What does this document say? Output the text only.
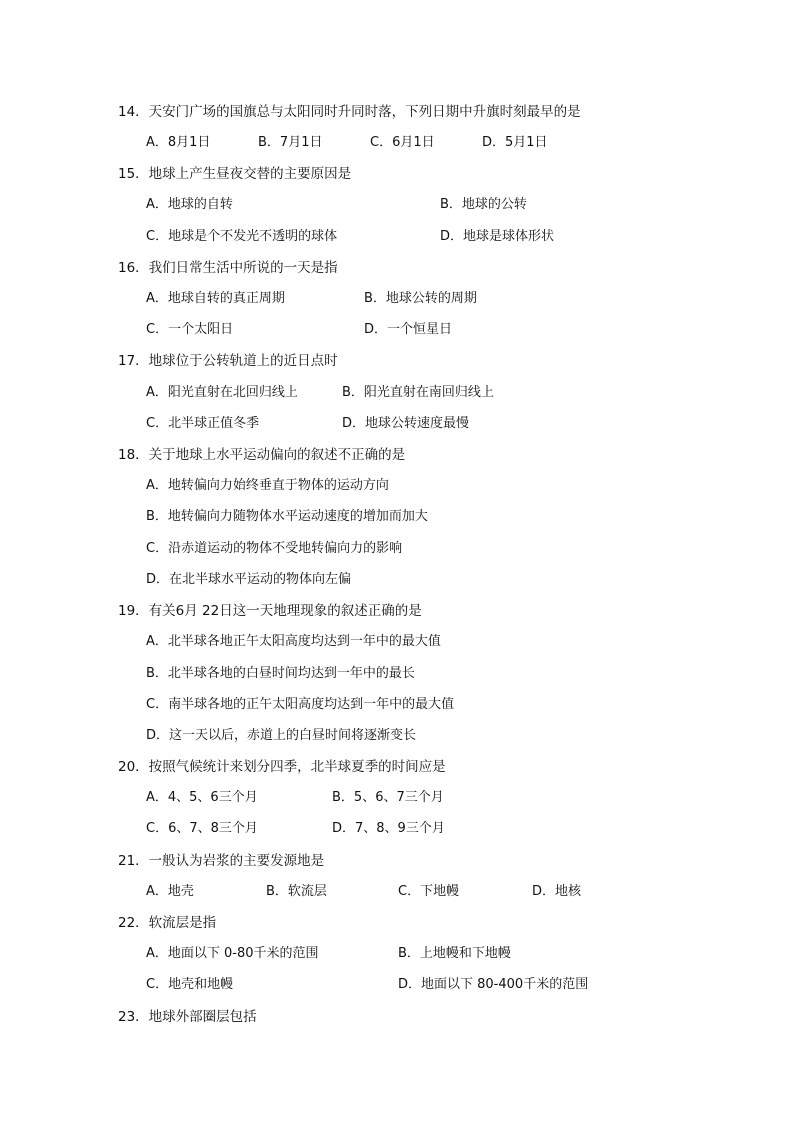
14．天安门广场的国旗总与太阳同时升同时落，下列日期中升旗时刻最早的是
A．8月1日	B．7月1日	C．6月1日	D．5月1日
15．地球上产生昼夜交替的主要原因是
A．地球的自转	B．地球的公转
C．地球是个不发光不透明的球体	D．地球是球体形状
16．我们日常生活中所说的一天是指
A．地球自转的真正周期	B．地球公转的周期
C．一个太阳日	D．一个恒星日
17．地球位于公转轨道上的近日点时
A．阳光直射在北回归线上	B．阳光直射在南回归线上
C．北半球正值冬季	D．地球公转速度最慢
18．关于地球上水平运动偏向的叙述不正确的是
A．地转偏向力始终垂直于物体的运动方向
B．地转偏向力随物体水平运动速度的增加而加大
C．沿赤道运动的物体不受地转偏向力的影响
D．在北半球水平运动的物体向左偏
19．有关6月 22日这一天地理现象的叙述正确的是
A．北半球各地正午太阳高度均达到一年中的最大值
B．北半球各地的白昼时间均达到一年中的最长
C．南半球各地的正午太阳高度均达到一年中的最大值
D．这一天以后，赤道上的白昼时间将逐渐变长
20．按照气候统计来划分四季，北半球夏季的时间应是
A．4、5、6三个月	B．5、6、7三个月
C．6、7、8三个月	D．7、8、9三个月
21．一般认为岩浆的主要发源地是
A．地壳	B．软流层	C．下地幔	D．地核
22．软流层是指
A．地面以下 0-80千米的范围	B．上地幔和下地幔
C．地壳和地幔	D．地面以下 80-400千米的范围
23．地球外部圈层包括
